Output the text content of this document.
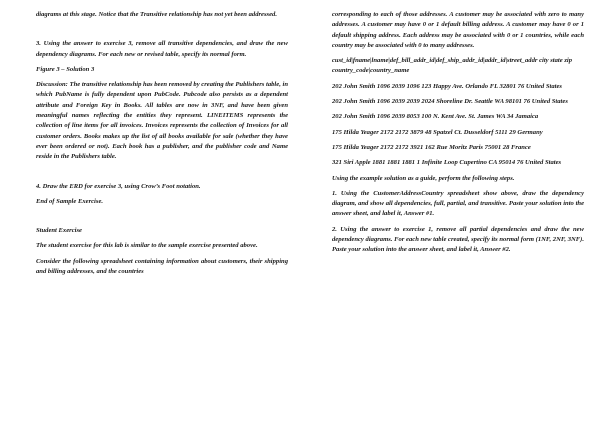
diagrams at this stage. Notice that the Transitive relationship has not yet been addressed.

3. Using the answer to exercise 3, remove all transitive dependencies, and draw the new dependency diagrams. For each new or revised table, specify its normal form.

Figure 3 – Solution 3

Discussion: The transitive relationship has been removed by creating the Publishers table, in which PubName is fully dependent upon PubCode. Pubcode also persists as a dependent attribute and Foreign Key in Books. All tables are now in 3NF, and have been given meaningful names reflecting the entities they represent. LINEITEMS represents the collection of line items for all invoices. Invoices represents the collection of Invoices for all customer orders. Books makes up the list of all books available for sale (whether they have ever been ordered or not). Each book has a publisher, and the publisher code and Name reside in the Publishers table.

4. Draw the ERD for exercise 3, using Crow’s Foot notation.

End of Sample Exercise.

Student Exercise

The student exercise for this lab is similar to the sample exercise presented above.

Consider the following spreadsheet containing information about customers, their shipping and billing addresses, and the countries

corresponding to each of those addresses. A customer may be associated with zero to many addresses. A customer may have 0 or 1 default billing address. A customer may have 0 or 1 default shipping address. Each address may be associated with 0 or 1 countries, while each country may be associated with 0 to many addresses.

cust_id|fname|lname|def_bill_addr_id|def_ship_addr_id|addr_id|street_addr city state zip country_code|country_name

202 John Smith 1096 2039 1096 123 Happy Ave. Orlando FL 32801 76 United States

202 John Smith 1096 2039 2039 2024 Shoreline Dr. Seattle WA 98101 76 United States

202 John Smith 1096 2039 8053 100 N. Kent Ave. St. James WA 34 Jamaica

175 Hilda Yeager 2172 2172 3879 48 Spatzel Ct. Dusseldorf 5111 29 Germany

175 Hilda Yeager 2172 2172 3921 162 Rue Moritz Paris 75001 28 France

321 Siri Apple 1881 1881 1881 1 Infinite Loop Cupertino CA 95014 76 United States

Using the example solution as a guide, perform the following steps.

1. Using the CustomerAddressCountry spreadsheet show above, draw the dependency diagram, and show all dependencies, full, partial, and transitive. Paste your solution into the answer sheet, and label it, Answer #1.

2. Using the answer to exercise 1, remove all partial dependencies and draw the new dependency diagrams. For each new table created, specify its normal form (1NF, 2NF, 3NF). Paste your solution into the answer sheet, and label it, Answer #2.
